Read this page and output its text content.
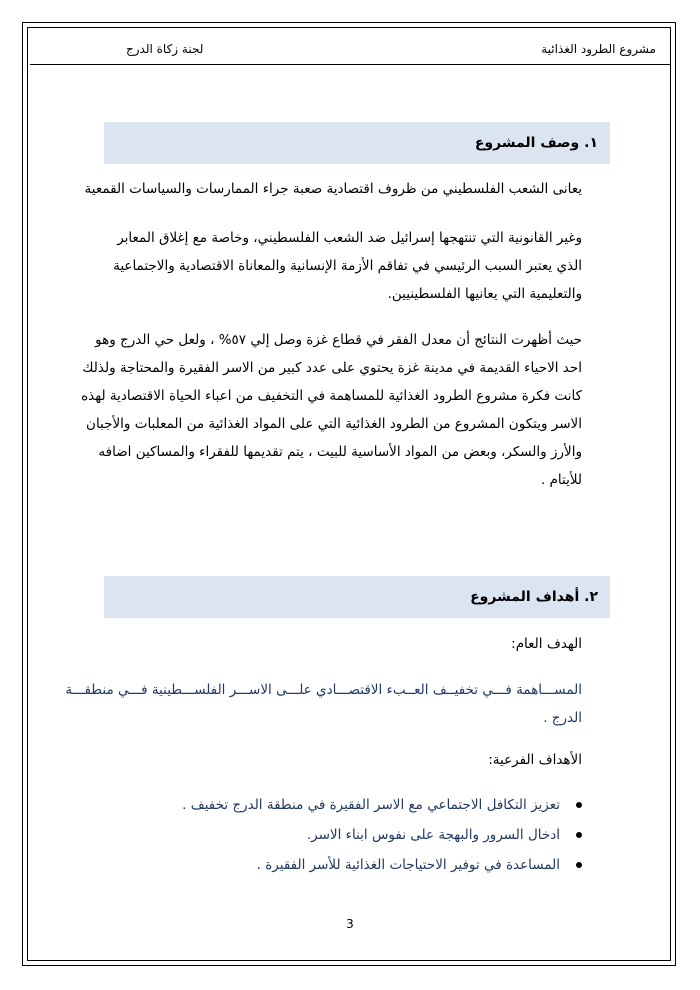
مشروع الطرود الغذائية
لجنة زكاة الدرج
١. وصف المشروع
يعانى الشعب الفلسطيني من ظروف اقتصادية صعبة جراء الممارسات والسياسات القمعية
وغير القانونية التي تنتهجها إسرائيل ضد الشعب الفلسطيني، وخاصة مع إغلاق المعابر
الذي يعتبر السبب الرئيسي في تفاقم الأزمة الإنسانية والمعاناة الاقتصادية والاجتماعية
والتعليمية التي يعانيها الفلسطينيين.
حيث أظهرت النتائج أن معدل الفقر في قطاع غزة وصل إلي ٥٧% ، ولعل حي الدرج وهو
احد الاحياء القديمة في مدينة غزة يحتوي على عدد كبير من الاسر الفقيرة والمحتاجة ولذلك
كانت فكرة مشروع الطرود الغذائية للمساهمة في التخفيف من اعباء الحياة الاقتصادية لهذه
الاسر ويتكون المشروع من الطرود الغذائية التي على المواد الغذائية من المعلبات والأجبان
والأرز والسكر، وبعض من المواد الأساسية للبيت ، يتم تقديمها للفقراء والمساكين اضافه
للأيتام .
٢. أهداف المشروع
الهدف العام:
المســـاهمة فـــي تخفيــف العــبء الاقتصـــادي علـــى الاســـر الفلســـطينية فـــي منطقـــة
الدرج .
الأهداف الفرعية:
تعزيز التكافل الاجتماعي مع الاسر الفقيرة في منطقة الدرج تخفيف .
ادخال السرور والبهجة على نفوس ابناء الاسر.
المساعدة في توفير الاحتياجات الغذائية للأسر الفقيرة .
3
